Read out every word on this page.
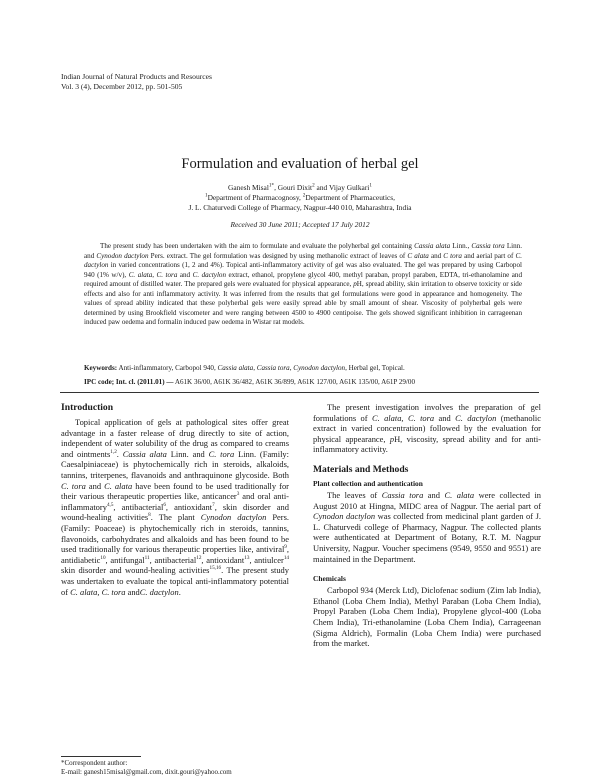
Indian Journal of Natural Products and Resources
Vol. 3 (4), December 2012, pp. 501-505
Formulation and evaluation of herbal gel
Ganesh Misal$^{1*}$, Gouri Dixit$^2$ and Vijay Gulkari$^1$
$^1$Department of Pharmacognosy, $^2$Department of Pharmaceutics,
J. L. Chaturvedi College of Pharmacy, Nagpur-440 010, Maharashtra, India
Received 30 June 2011; Accepted 17 July 2012
The present study has been undertaken with the aim to formulate and evaluate the polyherbal gel containing Cassia alata Linn., Cassia tora Linn. and Cynodon dactylon Pers. extract. The gel formulation was designed by using methanolic extract of leaves of C alata and C tora and aerial part of C. dactylon in varied concentrations (1, 2 and 4%). Topical anti-inflammatory activity of gel was also evaluated. The gel was prepared by using Carbopol 940 (1% w/v), C. alata, C. tora and C. dactylon extract, ethanol, propylene glycol 400, methyl paraban, propyl paraben, EDTA, tri-ethanolamine and required amount of distilled water. The prepared gels were evaluated for physical appearance, pH, spread ability, skin irritation to observe toxicity or side effects and also for anti inflammatory activity. It was inferred from the results that gel formulations were good in appearance and homogeneity. The values of spread ability indicated that these polyherbal gels were easily spread able by small amount of shear. Viscosity of polyherbal gels were determined by using Brookfield viscometer and were ranging between 4500 to 4900 centipoise. The gels showed significant inhibition in carrageenan induced paw oedema and formalin induced paw oedema in Wistar rat models.
Keywords: Anti-inflammatory, Carbopol 940, Cassia alata, Cassia tora, Cynodon dactylon, Herbal gel, Topical.
IPC code; Int. cl. (2011.01) — A61K 36/00, A61K 36/482, A61K 36/899, A61K 127/00, A61K 135/00, A61P 29/00
Introduction

Topical application of gels at pathological sites offer great advantage in a faster release of drug directly to site of action, independent of water solubility of the drug as compared to creams and ointments$^{1,2}$. Cassia alata Linn. and C. tora Linn. (Family: Caesalpiniaceae) is phytochemically rich in steroids, alkaloids, tannins, triterpenes, flavanoids and anthraquinone glycoside. Both C. tora and C. alata have been found to be used traditionally for their various therapeutic properties like, anticancer$^3$ and oral anti-inflammatory$^{4,5}$, antibacterial$^6$, antioxidant$^7$, skin disorder and wound-healing activities$^8$. The plant Cynodon dactylon Pers. (Family: Poaceae) is phytochemically rich in steroids, tannins, flavonoids, carbohydrates and alkaloids and has been found to be used traditionally for various therapeutic properties like, antiviral$^9$, antidiabetic$^{10}$, antifungal$^{11}$, antibacterial$^{12}$, antioxidant$^{13}$, antiulcer$^{14}$ skin disorder and wound-healing activities$^{15,16}$. The present study was undertaken to evaluate the topical anti-inflammatory potential of C. alata, C. tora andC. dactylon.

The present investigation involves the preparation of gel formulations of C. alata, C. tora and C. dactylon (methanolic extract in varied concentration) followed by the evaluation for physical appearance, pH, viscosity, spread ability and for anti-inflammatory activity.

Materials and Methods
Plant collection and authentication

The leaves of Cassia tora and C. alata were collected in August 2010 at Hingna, MIDC area of Nagpur. The aerial part of Cynodon dactylon was collected from medicinal plant garden of J. L. Chaturvedi college of Pharmacy, Nagpur. The collected plants were authenticated at Department of Botany, R.T. M. Nagpur University, Nagpur. Voucher specimens (9549, 9550 and 9551) are maintained in the Department.

Chemicals

Carbopol 934 (Merck Ltd), Diclofenac sodium (Zim lab India), Ethanol (Loba Chem India), Methyl Paraban (Loba Chem India), Propyl Paraben (Loba Chem India), Propylene glycol-400 (Loba Chem India), Tri-ethanolamine (Loba Chem India), Carrageenan (Sigma Aldrich), Formalin (Loba Chem India) were purchased from the market.

*Correspondent author:
E-mail: ganesh15misal@gmail.com, dixit.gouri@yahoo.com
